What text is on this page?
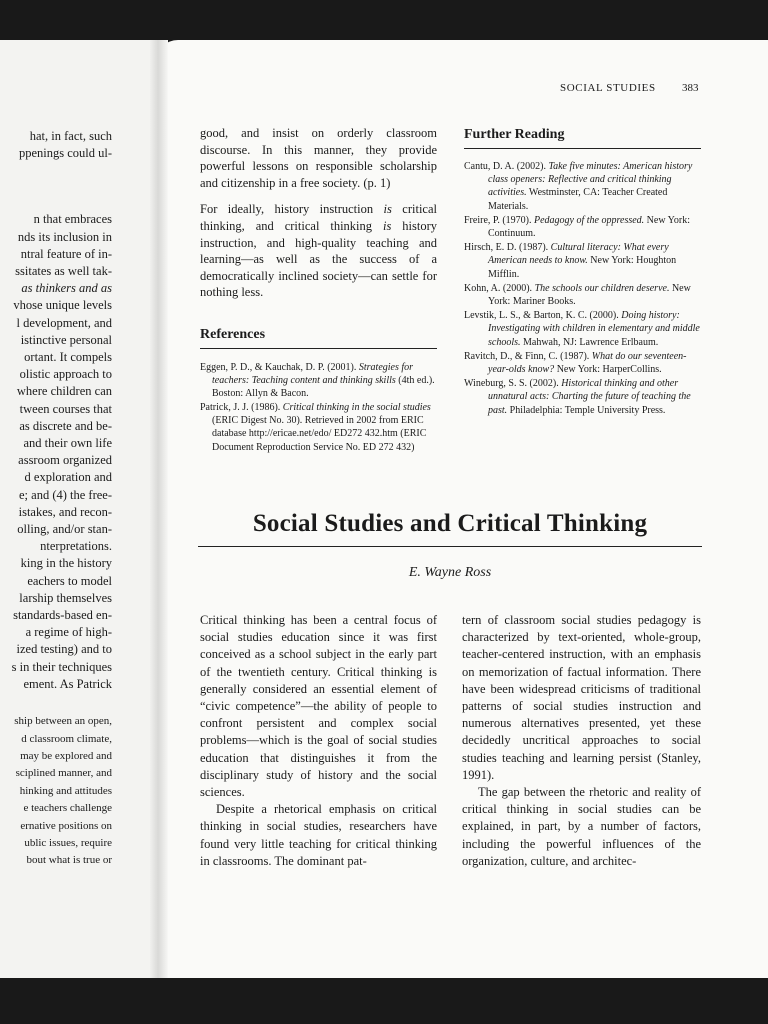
SOCIAL STUDIES 383
hat, in fact, such
ppenings could ul-
n that embraces
nds its inclusion in
ntral feature of in-
ssitates as well tak-
as thinkers and as
vhose unique levels
l development, and
istinctive personal
ortant. It compels
olistic approach to
where children can
tween courses that
as discrete and be-
and their own life
assroom organized
d exploration and
e; and (4) the free-
istakes, and recon-
olling, and/or stan-
nterpretations.
king in the history
eachers to model
larship themselves
standards-based en-
a regime of high-
ized testing) and to
s in their techniques
ement. As Patrick
ship between an open,
d classroom climate,
may be explored and
sciplined manner, and
hinking and attitudes
e teachers challenge
ernative positions on
ublic issues, require
bout what is true or

good, and insist on orderly classroom discourse. In this manner, they provide powerful lessons on responsible scholarship and citizenship in a free society. (p. 1)

For ideally, history instruction is critical thinking, and critical thinking is history instruction, and high-quality teaching and learning—as well as the success of a democratically inclined society—can settle for nothing less.

References
Eggen, P. D., & Kauchak, D. P. (2001). Strategies for teachers: Teaching content and thinking skills (4th ed.). Boston: Allyn & Bacon.
Patrick, J. J. (1986). Critical thinking in the social studies (ERIC Digest No. 30). Retrieved in 2002 from ERIC database http://ericae.net/edo/ ED272 432.htm (ERIC Document Reproduction Service No. ED 272 432)
Further Reading
Cantu, D. A. (2002). Take five minutes: American history class openers: Reflective and critical thinking activities. Westminster, CA: Teacher Created Materials.
Freire, P. (1970). Pedagogy of the oppressed. New York: Continuum.
Hirsch, E. D. (1987). Cultural literacy: What every American needs to know. New York: Houghton Mifflin.
Kohn, A. (2000). The schools our children deserve. New York: Mariner Books.
Levstik, L. S., & Barton, K. C. (2000). Doing history: Investigating with children in elementary and middle schools. Mahwah, NJ: Lawrence Erlbaum.
Ravitch, D., & Finn, C. (1987). What do our seventeen-year-olds know? New York: HarperCollins.
Wineburg, S. S. (2002). Historical thinking and other unnatural acts: Charting the future of teaching the past. Philadelphia: Temple University Press.
Social Studies and Critical Thinking
E. Wayne Ross

Critical thinking has been a central focus of social studies education since it was first conceived as a school subject in the early part of the twentieth century. Critical thinking is generally considered an essential element of “civic competence”—the ability of people to confront persistent and complex social problems—which is the goal of social studies education that distinguishes it from the disciplinary study of history and the social sciences.

Despite a rhetorical emphasis on critical thinking in social studies, researchers have found very little teaching for critical thinking in classrooms. The dominant pat-

tern of classroom social studies pedagogy is characterized by text-oriented, whole-group, teacher-centered instruction, with an emphasis on memorization of factual information. There have been widespread criticisms of traditional patterns of social studies instruction and numerous alternatives presented, yet these decidedly uncritical approaches to social studies teaching and learning persist (Stanley, 1991).

The gap between the rhetoric and reality of critical thinking in social studies can be explained, in part, by a number of factors, including the powerful influences of the organization, culture, and architec-
